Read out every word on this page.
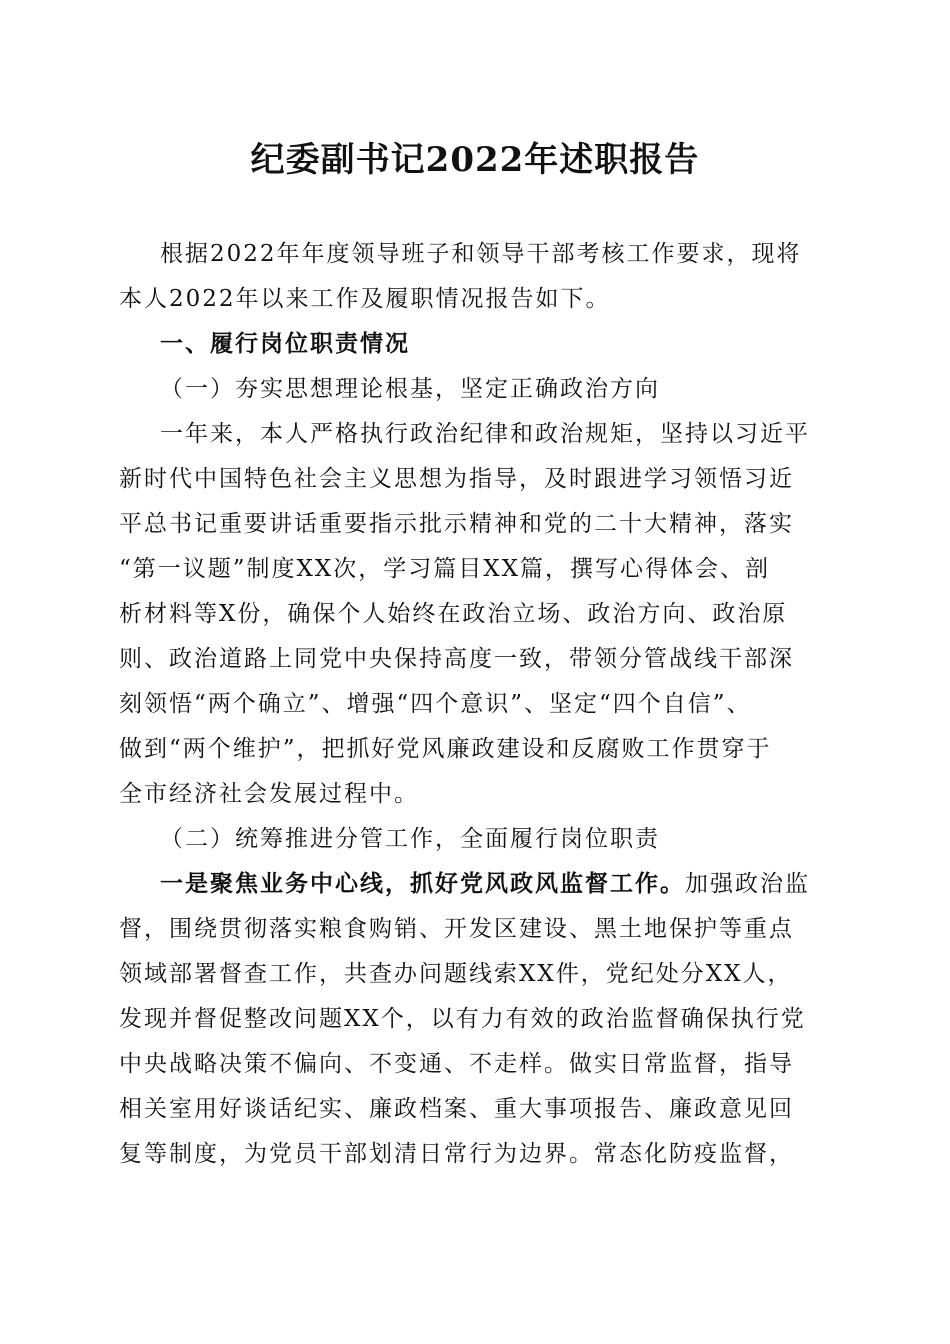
纪委副书记2022年述职报告
根据2022年年度领导班子和领导干部考核工作要求，现将
本人2022年以来工作及履职情况报告如下。
一、履行岗位职责情况
（一）夯实思想理论根基，坚定正确政治方向
一年来，本人严格执行政治纪律和政治规矩，坚持以习近平
新时代中国特色社会主义思想为指导，及时跟进学习领悟习近
平总书记重要讲话重要指示批示精神和党的二十大精神，落实
“第一议题”制度XX次，学习篇目XX篇，撰写心得体会、剖
析材料等X份，确保个人始终在政治立场、政治方向、政治原
则、政治道路上同党中央保持高度一致，带领分管战线干部深
刻领悟“两个确立”、增强“四个意识”、坚定“四个自信”、
做到“两个维护”，把抓好党风廉政建设和反腐败工作贯穿于
全市经济社会发展过程中。
（二）统筹推进分管工作，全面履行岗位职责
一是聚焦业务中心线，抓好党风政风监督工作。加强政治监
督，围绕贯彻落实粮食购销、开发区建设、黑土地保护等重点
领域部署督查工作，共查办问题线索XX件，党纪处分XX人，
发现并督促整改问题XX个，以有力有效的政治监督确保执行党
中央战略决策不偏向、不变通、不走样。做实日常监督，指导
相关室用好谈话纪实、廉政档案、重大事项报告、廉政意见回
复等制度，为党员干部划清日常行为边界。常态化防疫监督，
